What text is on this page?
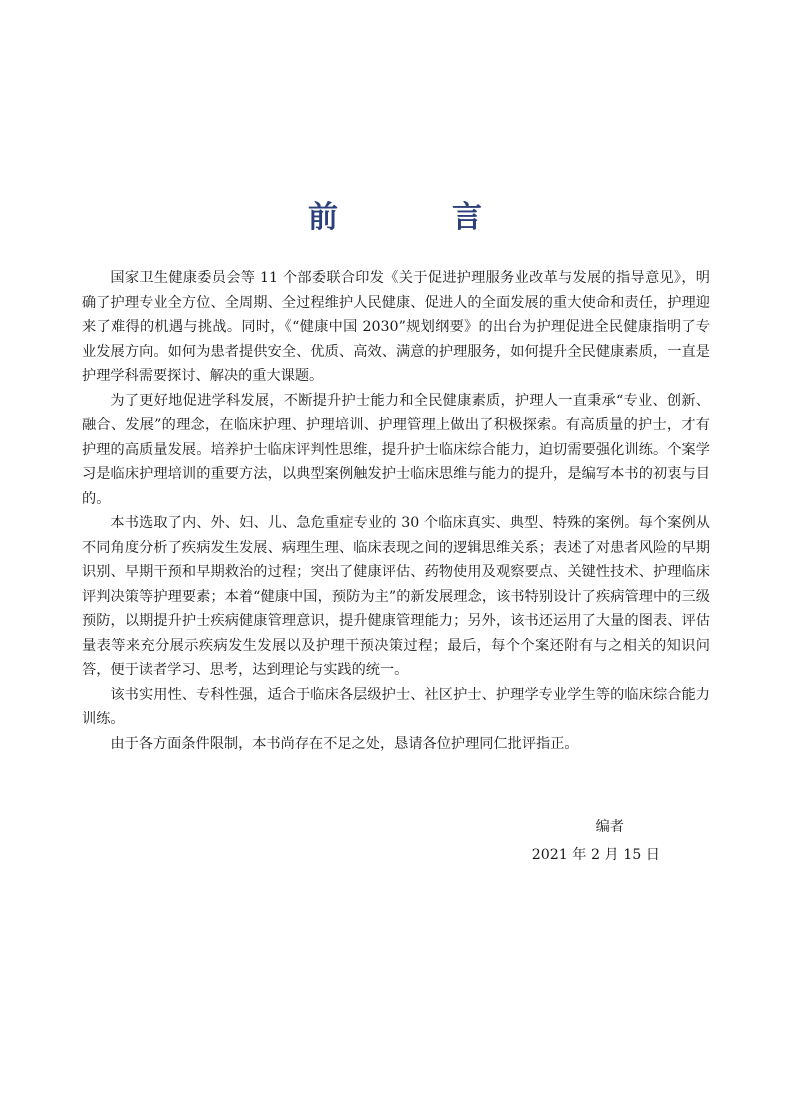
前　言

国家卫生健康委员会等 11 个部委联合印发《关于促进护理服务业改革与发展的指导意见》，明确了护理专业全方位、全周期、全过程维护人民健康、促进人的全面发展的重大使命和责任，护理迎来了难得的机遇与挑战。同时，《“健康中国 2030”规划纲要》的出台为护理促进全民健康指明了专业发展方向。如何为患者提供安全、优质、高效、满意的护理服务，如何提升全民健康素质，一直是护理学科需要探讨、解决的重大课题。

为了更好地促进学科发展，不断提升护士能力和全民健康素质，护理人一直秉承“专业、创新、融合、发展”的理念，在临床护理、护理培训、护理管理上做出了积极探索。有高质量的护士，才有护理的高质量发展。培养护士临床评判性思维，提升护士临床综合能力，迫切需要强化训练。个案学习是临床护理培训的重要方法，以典型案例触发护士临床思维与能力的提升，是编写本书的初衷与目的。

本书选取了内、外、妇、儿、急危重症专业的 30 个临床真实、典型、特殊的案例。每个案例从不同角度分析了疾病发生发展、病理生理、临床表现之间的逻辑思维关系；表述了对患者风险的早期识别、早期干预和早期救治的过程；突出了健康评估、药物使用及观察要点、关键性技术、护理临床评判决策等护理要素；本着“健康中国，预防为主”的新发展理念，该书特别设计了疾病管理中的三级预防，以期提升护士疾病健康管理意识，提升健康管理能力；另外，该书还运用了大量的图表、评估量表等来充分展示疾病发生发展以及护理干预决策过程；最后，每个个案还附有与之相关的知识问答，便于读者学习、思考，达到理论与实践的统一。

该书实用性、专科性强，适合于临床各层级护士、社区护士、护理学专业学生等的临床综合能力训练。

由于各方面条件限制，本书尚存在不足之处，恳请各位护理同仁批评指正。

编者
2021 年 2 月 15 日
